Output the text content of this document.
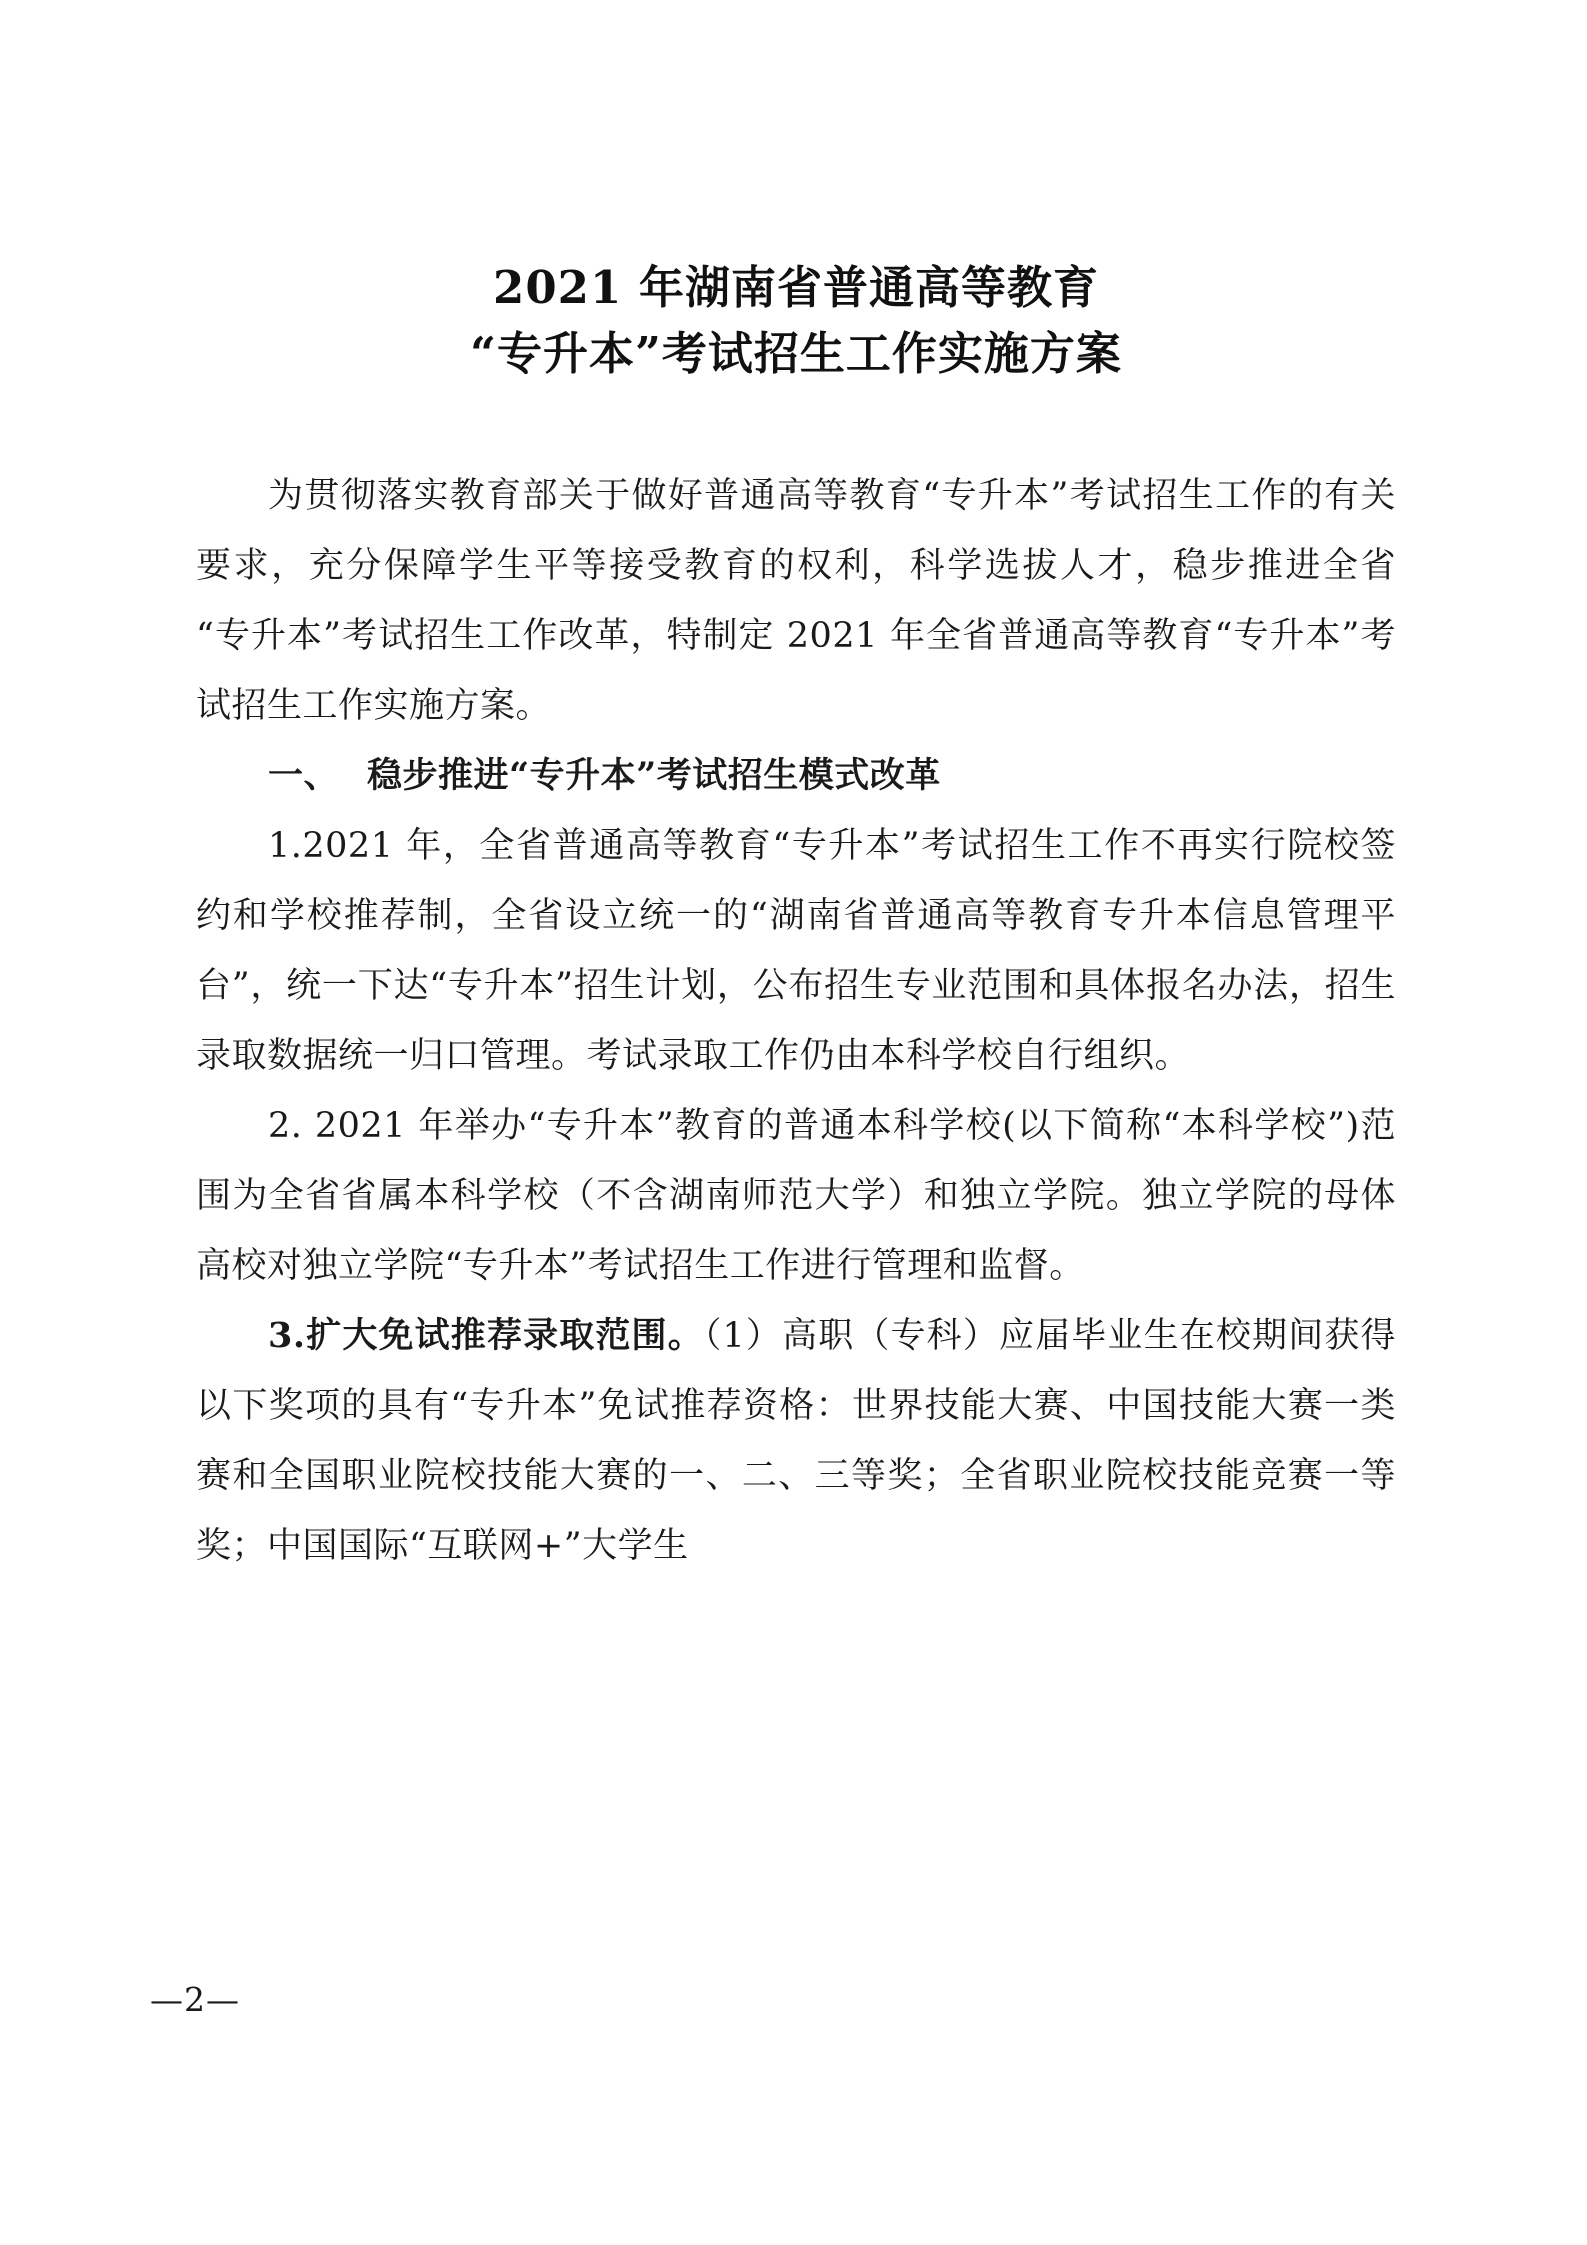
2021 年湖南省普通高等教育
“专升本”考试招生工作实施方案

为贯彻落实教育部关于做好普通高等教育“专升本”考试招生工作的有关要求，充分保障学生平等接受教育的权利，科学选拔人才，稳步推进全省 “专升本”考试招生工作改革，特制定 2021 年全省普通高等教育“专升本”考试招生工作实施方案。

一、 稳步推进“专升本”考试招生模式改革

1.2021 年，全省普通高等教育“专升本”考试招生工作不再实行院校签约和学校推荐制，全省设立统一的“湖南省普通高等教育专升本信息管理平台”，统一下达“专升本”招生计划，公布招生专业范围和具体报名办法，招生录取数据统一归口管理。考试录取工作仍由本科学校自行组织。

2. 2021 年举办“专升本”教育的普通本科学校(以下简称“本科学校”)范围为全省省属本科学校（不含湖南师范大学）和独立学院。独立学院的母体高校对独立学院“专升本”考试招生工作进行管理和监督。

3.扩大免试推荐录取范围。（1）高职（专科）应届毕业生在校期间获得以下奖项的具有“专升本”免试推荐资格：世界技能大赛、中国技能大赛一类赛和全国职业院校技能大赛的一、二、三等奖；全省职业院校技能竞赛一等奖；中国国际“互联网+”大学生

—2—
